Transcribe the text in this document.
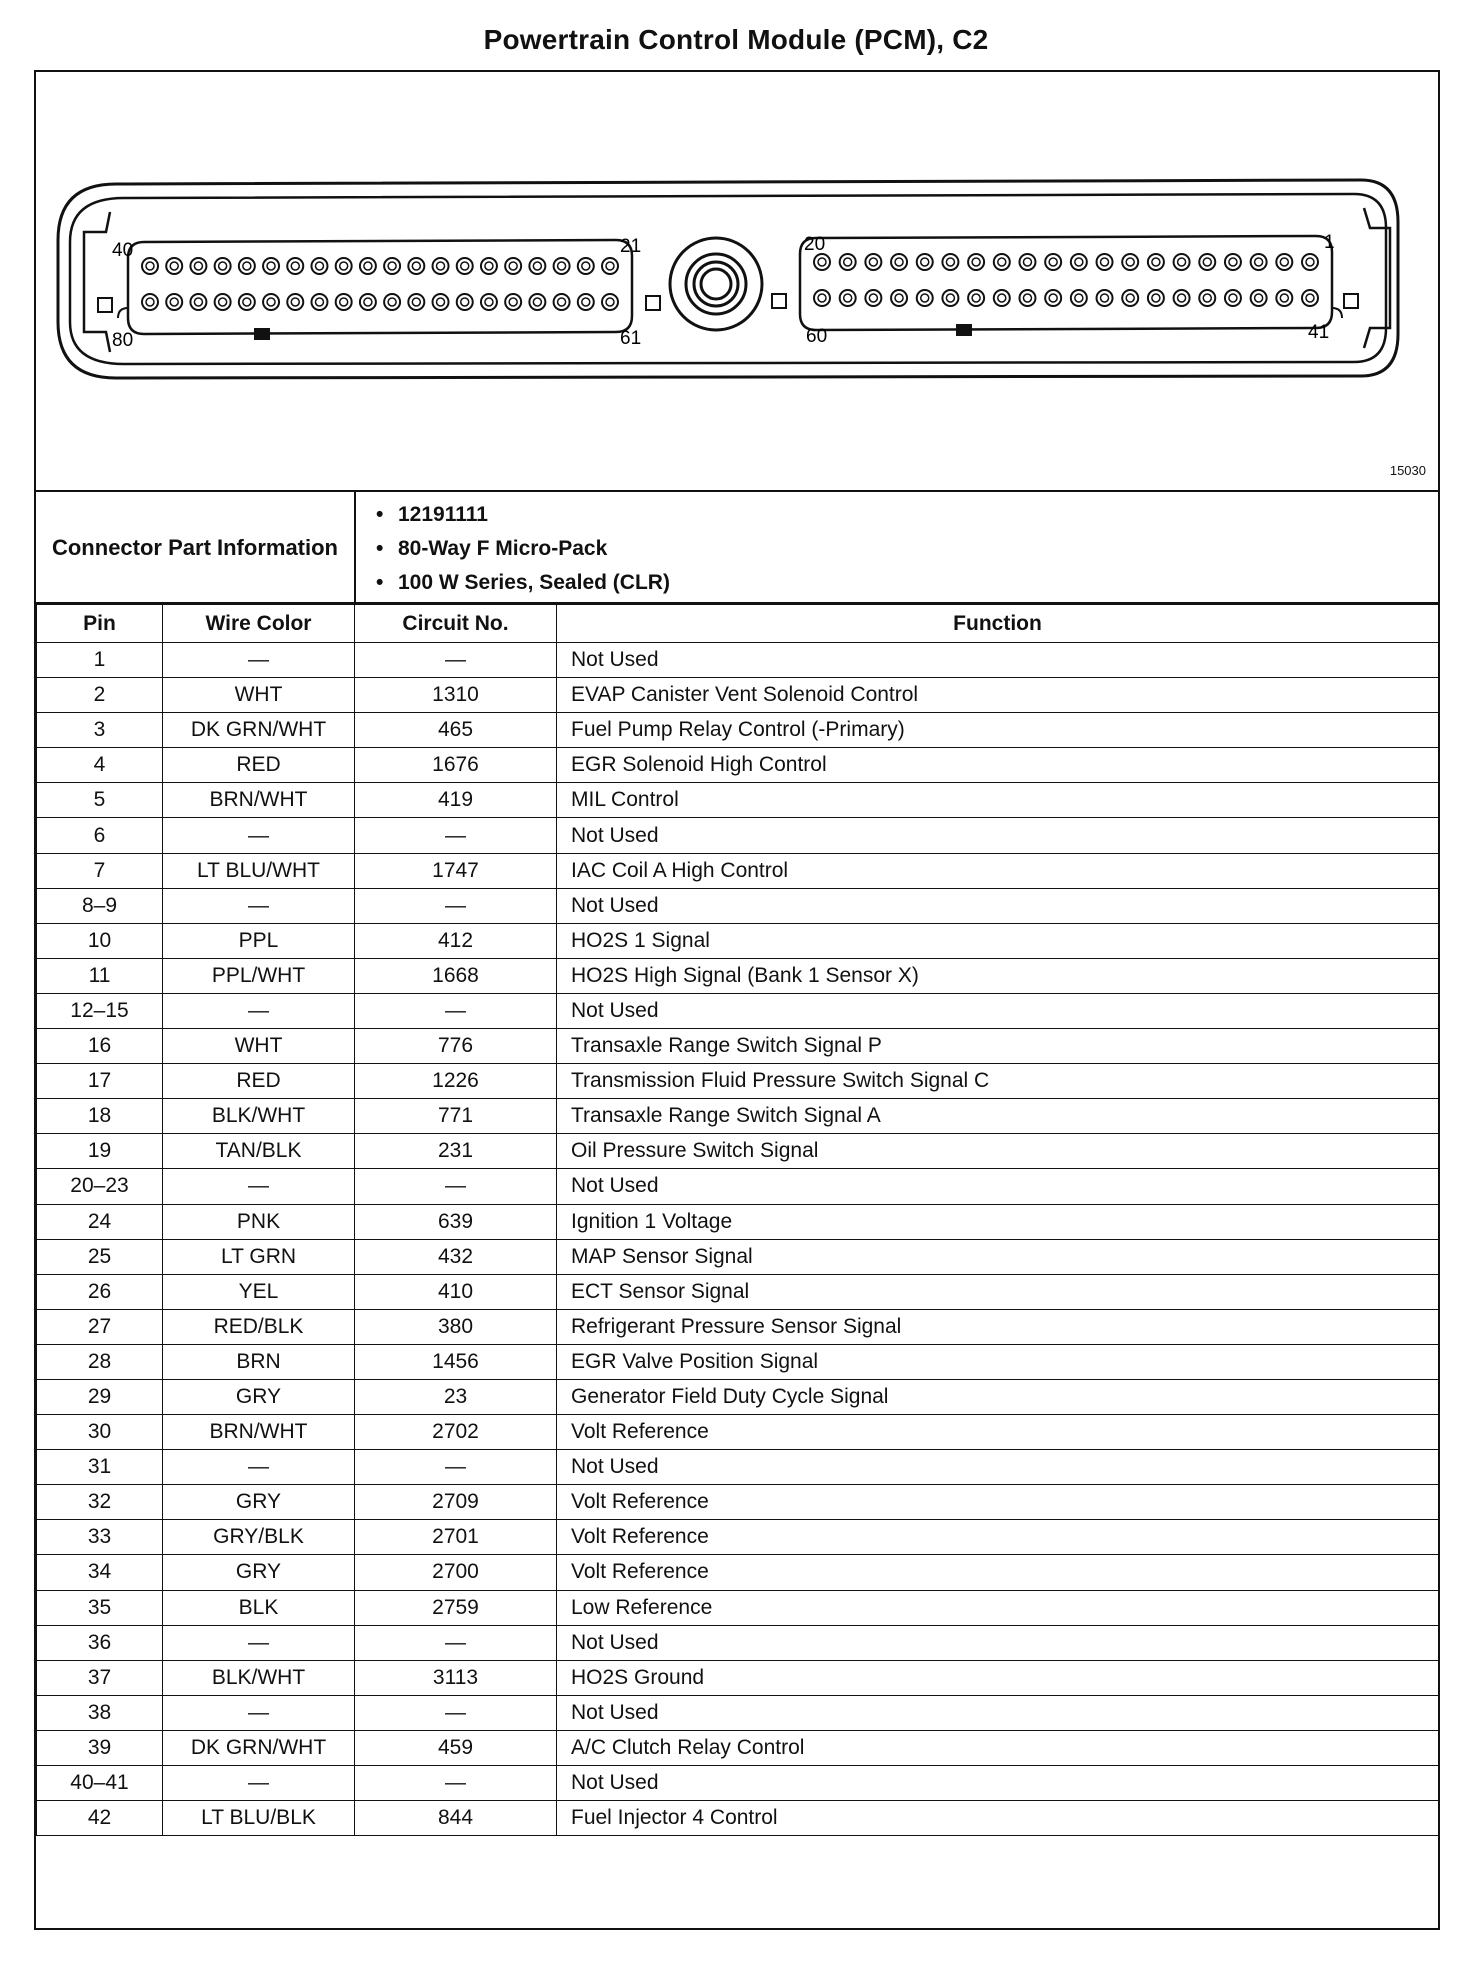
Powertrain Control Module (PCM), C2
40	21
80	61
20	1
60	41
15030
Connector Part Information
• 12191111
• 80-Way F Micro-Pack
• 100 W Series, Sealed (CLR)
Pin	Wire Color	Circuit No.	Function
1	—	—	Not Used
2	WHT	1310	EVAP Canister Vent Solenoid Control
3	DK GRN/WHT	465	Fuel Pump Relay Control (-Primary)
4	RED	1676	EGR Solenoid High Control
5	BRN/WHT	419	MIL Control
6	—	—	Not Used
7	LT BLU/WHT	1747	IAC Coil A High Control
8–9	—	—	Not Used
10	PPL	412	HO2S 1 Signal
11	PPL/WHT	1668	HO2S High Signal (Bank 1 Sensor X)
12–15	—	—	Not Used
16	WHT	776	Transaxle Range Switch Signal P
17	RED	1226	Transmission Fluid Pressure Switch Signal C
18	BLK/WHT	771	Transaxle Range Switch Signal A
19	TAN/BLK	231	Oil Pressure Switch Signal
20–23	—	—	Not Used
24	PNK	639	Ignition 1 Voltage
25	LT GRN	432	MAP Sensor Signal
26	YEL	410	ECT Sensor Signal
27	RED/BLK	380	Refrigerant Pressure Sensor Signal
28	BRN	1456	EGR Valve Position Signal
29	GRY	23	Generator Field Duty Cycle Signal
30	BRN/WHT	2702	Volt Reference
31	—	—	Not Used
32	GRY	2709	Volt Reference
33	GRY/BLK	2701	Volt Reference
34	GRY	2700	Volt Reference
35	BLK	2759	Low Reference
36	—	—	Not Used
37	BLK/WHT	3113	HO2S Ground
38	—	—	Not Used
39	DK GRN/WHT	459	A/C Clutch Relay Control
40–41	—	—	Not Used
42	LT BLU/BLK	844	Fuel Injector 4 Control
